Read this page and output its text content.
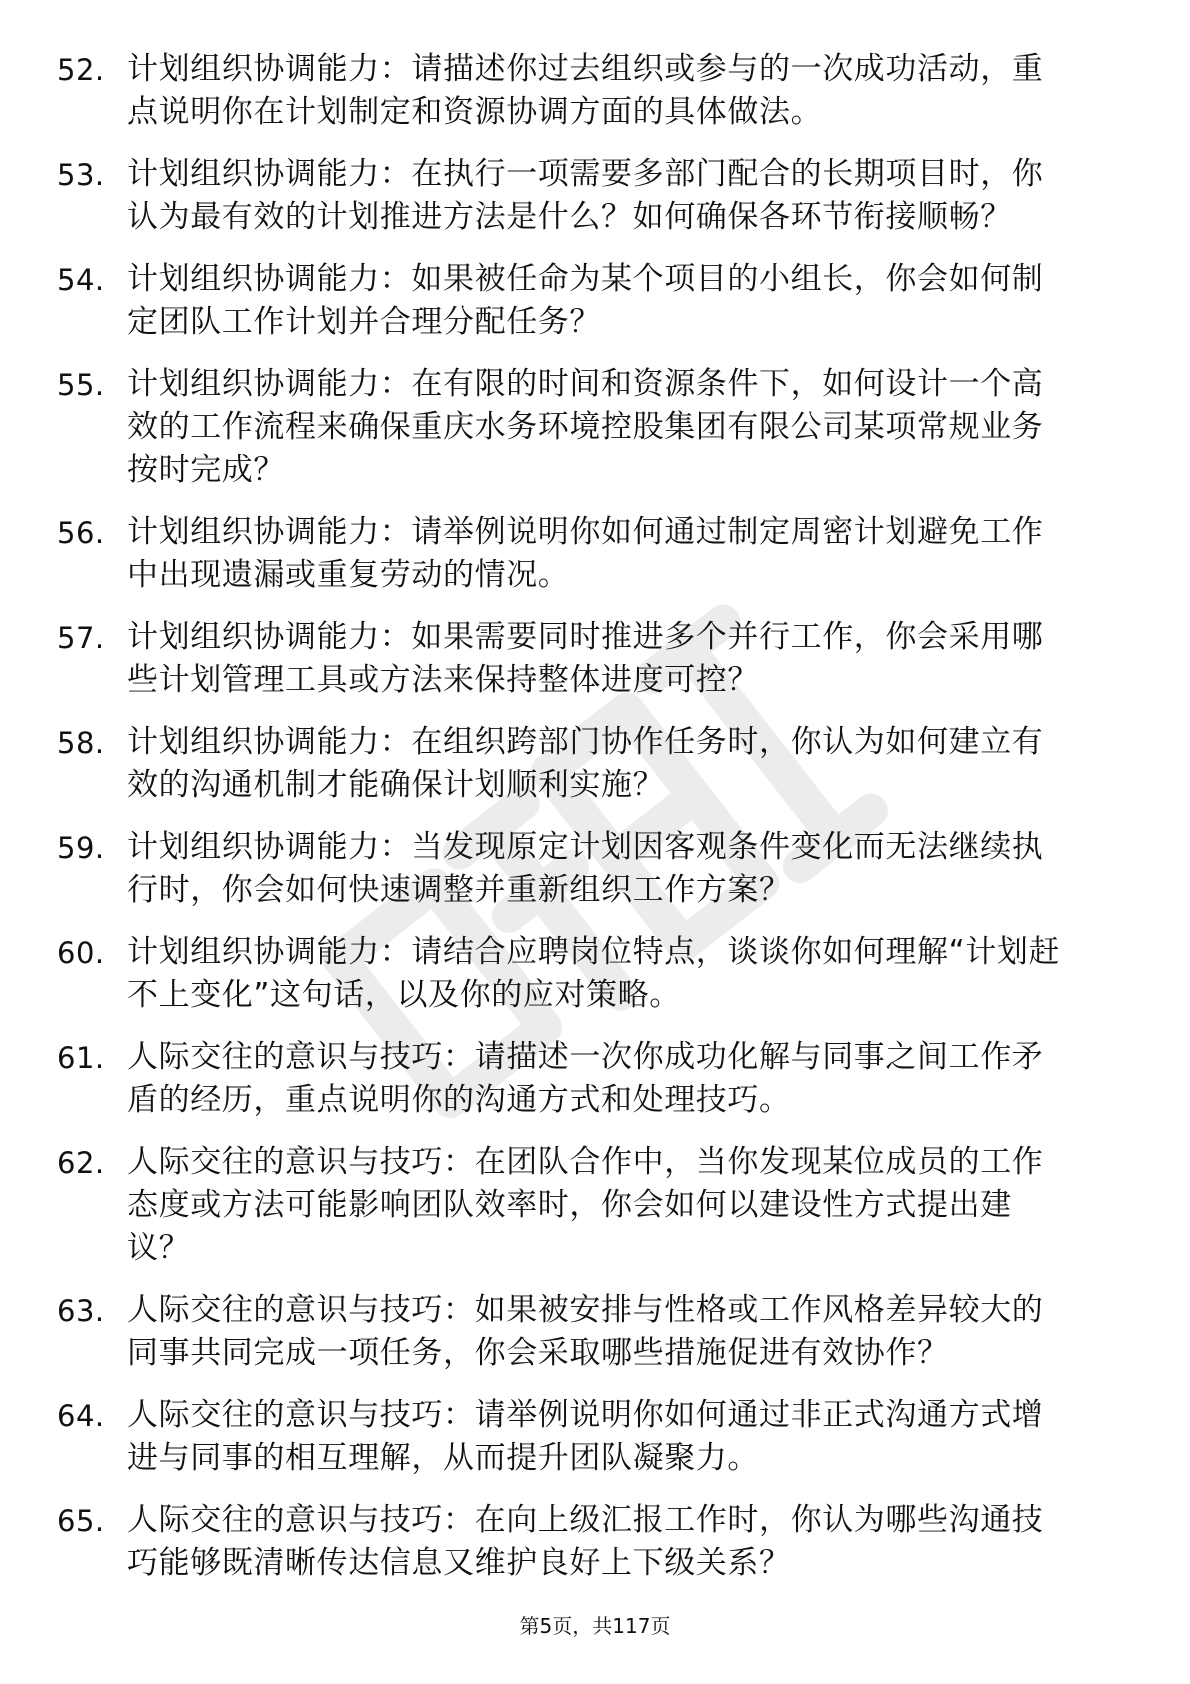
52. 计划组织协调能力：请描述你过去组织或参与的一次成功活动，重点说明你在计划制定和资源协调方面的具体做法。
53. 计划组织协调能力：在执行一项需要多部门配合的长期项目时，你认为最有效的计划推进方法是什么？如何确保各环节衔接顺畅？
54. 计划组织协调能力：如果被任命为某个项目的小组长，你会如何制定团队工作计划并合理分配任务？
55. 计划组织协调能力：在有限的时间和资源条件下，如何设计一个高效的工作流程来确保重庆水务环境控股集团有限公司某项常规业务按时完成？
56. 计划组织协调能力：请举例说明你如何通过制定周密计划避免工作中出现遗漏或重复劳动的情况。
57. 计划组织协调能力：如果需要同时推进多个并行工作，你会采用哪些计划管理工具或方法来保持整体进度可控？
58. 计划组织协调能力：在组织跨部门协作任务时，你认为如何建立有效的沟通机制才能确保计划顺利实施？
59. 计划组织协调能力：当发现原定计划因客观条件变化而无法继续执行时，你会如何快速调整并重新组织工作方案？
60. 计划组织协调能力：请结合应聘岗位特点，谈谈你如何理解“计划赶不上变化”这句话，以及你的应对策略。
61. 人际交往的意识与技巧：请描述一次你成功化解与同事之间工作矛盾的经历，重点说明你的沟通方式和处理技巧。
62. 人际交往的意识与技巧：在团队合作中，当你发现某位成员的工作态度或方法可能影响团队效率时，你会如何以建设性方式提出建议？
63. 人际交往的意识与技巧：如果被安排与性格或工作风格差异较大的同事共同完成一项任务，你会采取哪些措施促进有效协作？
64. 人际交往的意识与技巧：请举例说明你如何通过非正式沟通方式增进与同事的相互理解，从而提升团队凝聚力。
65. 人际交往的意识与技巧：在向上级汇报工作时，你认为哪些沟通技巧能够既清晰传达信息又维护良好上下级关系？
第5页，共117页
